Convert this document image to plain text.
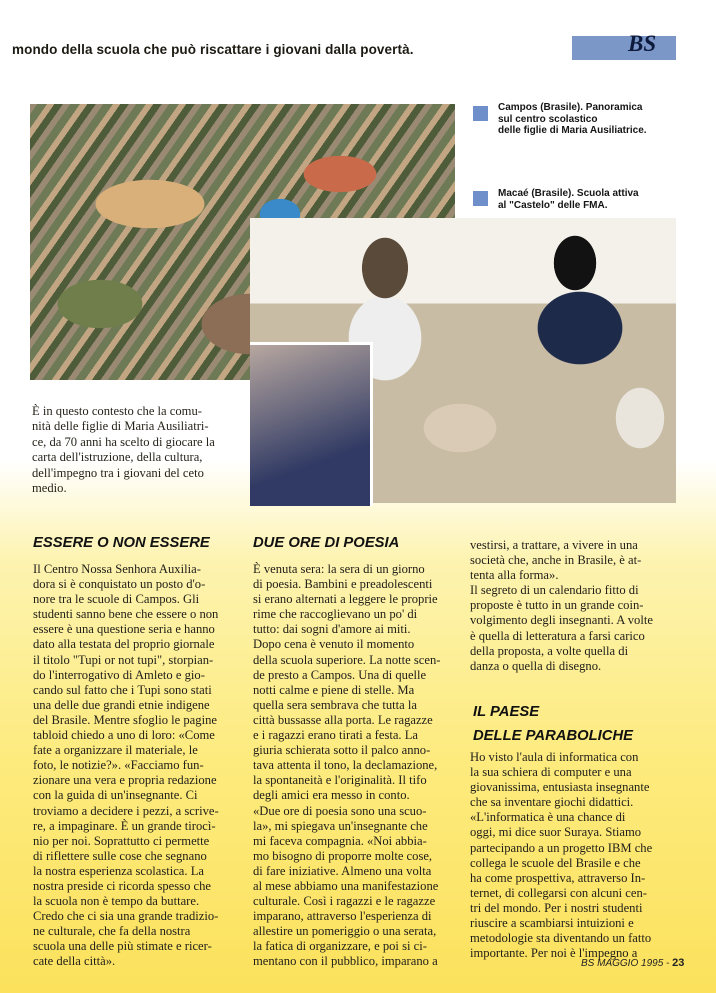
mondo della scuola che può riscattare i giovani dalla povertà.	BS

Campos (Brasile). Panoramica
sul centro scolastico
delle figlie di Maria Ausiliatrice.

Macaé (Brasile). Scuola attiva
al "Castelo" delle FMA.

È in questo contesto che la comu-
nità delle figlie di Maria Ausiliatri-
ce, da 70 anni ha scelto di giocare la
carta dell'istruzione, della cultura,
dell'impegno tra i giovani del ceto
medio.

ESSERE O NON ESSERE

Il Centro Nossa Senhora Auxilia-
dora si è conquistato un posto d'o-
nore tra le scuole di Campos. Gli
studenti sanno bene che essere o non
essere è una questione seria e hanno
dato alla testata del proprio giornale
il titolo "Tupi or not tupi", storpian-
do l'interrogativo di Amleto e gio-
cando sul fatto che i Tupi sono stati
una delle due grandi etnie indigene
del Brasile. Mentre sfoglio le pagine
tabloid chiedo a uno di loro: «Come
fate a organizzare il materiale, le
foto, le notizie?». «Facciamo fun-
zionare una vera e propria redazione
con la guida di un'insegnante. Ci
troviamo a decidere i pezzi, a scrive-
re, a impaginare. È un grande tirocì-
nio per noi. Soprattutto ci permette
di riflettere sulle cose che segnano
la nostra esperienza scolastica. La
nostra preside ci ricorda spesso che
la scuola non è tempo da buttare.
Credo che ci sia una grande tradizio-
ne culturale, che fa della nostra
scuola una delle più stimate e ricer-
cate della città».

DUE ORE DI POESIA

È venuta sera: la sera di un giorno
di poesia. Bambini e preadolescenti
si erano alternati a leggere le proprie
rime che raccoglievano un po' di
tutto: dai sogni d'amore ai miti.
Dopo cena è venuto il momento
della scuola superiore. La notte scen-
de presto a Campos. Una di quelle
notti calme e piene di stelle. Ma
quella sera sembrava che tutta la
città bussasse alla porta. Le ragazze
e i ragazzi erano tirati a festa. La
giuria schierata sotto il palco anno-
tava attenta il tono, la declamazione,
la spontaneità e l'originalità. Il tifo
degli amici era messo in conto.
«Due ore di poesia sono una scuo-
la», mi spiegava un'insegnante che
mi faceva compagnia. «Noi abbia-
mo bisogno di proporre molte cose,
di fare iniziative. Almeno una volta
al mese abbiamo una manifestazione
culturale. Così i ragazzi e le ragazze
imparano, attraverso l'esperienza di
allestire un pomeriggio o una serata,
la fatica di organizzare, e poi si ci-
mentano con il pubblico, imparano a

vestirsi, a trattare, a vivere in una
società che, anche in Brasile, è at-
tenta alla forma».
Il segreto di un calendario fitto di
proposte è tutto in un grande coin-
volgimento degli insegnanti. A volte
è quella di letteratura a farsi carico
della proposta, a volte quella di
danza o quella di disegno.

IL PAESE
DELLE PARABOLICHE

Ho visto l'aula di informatica con
la sua schiera di computer e una
giovanissima, entusiasta insegnante
che sa inventare giochi didattici.
«L'informatica è una chance di
oggi, mi dice suor Suraya. Stiamo
partecipando a un progetto IBM che
collega le scuole del Brasile e che
ha come prospettiva, attraverso In-
ternet, di collegarsi con alcuni cen-
tri del mondo. Per i nostri studenti
riuscire a scambiarsi intuizioni e
metodologie sta diventando un fatto
importante. Per noi è l'impegno a

BS MAGGIO 1995 - 23
